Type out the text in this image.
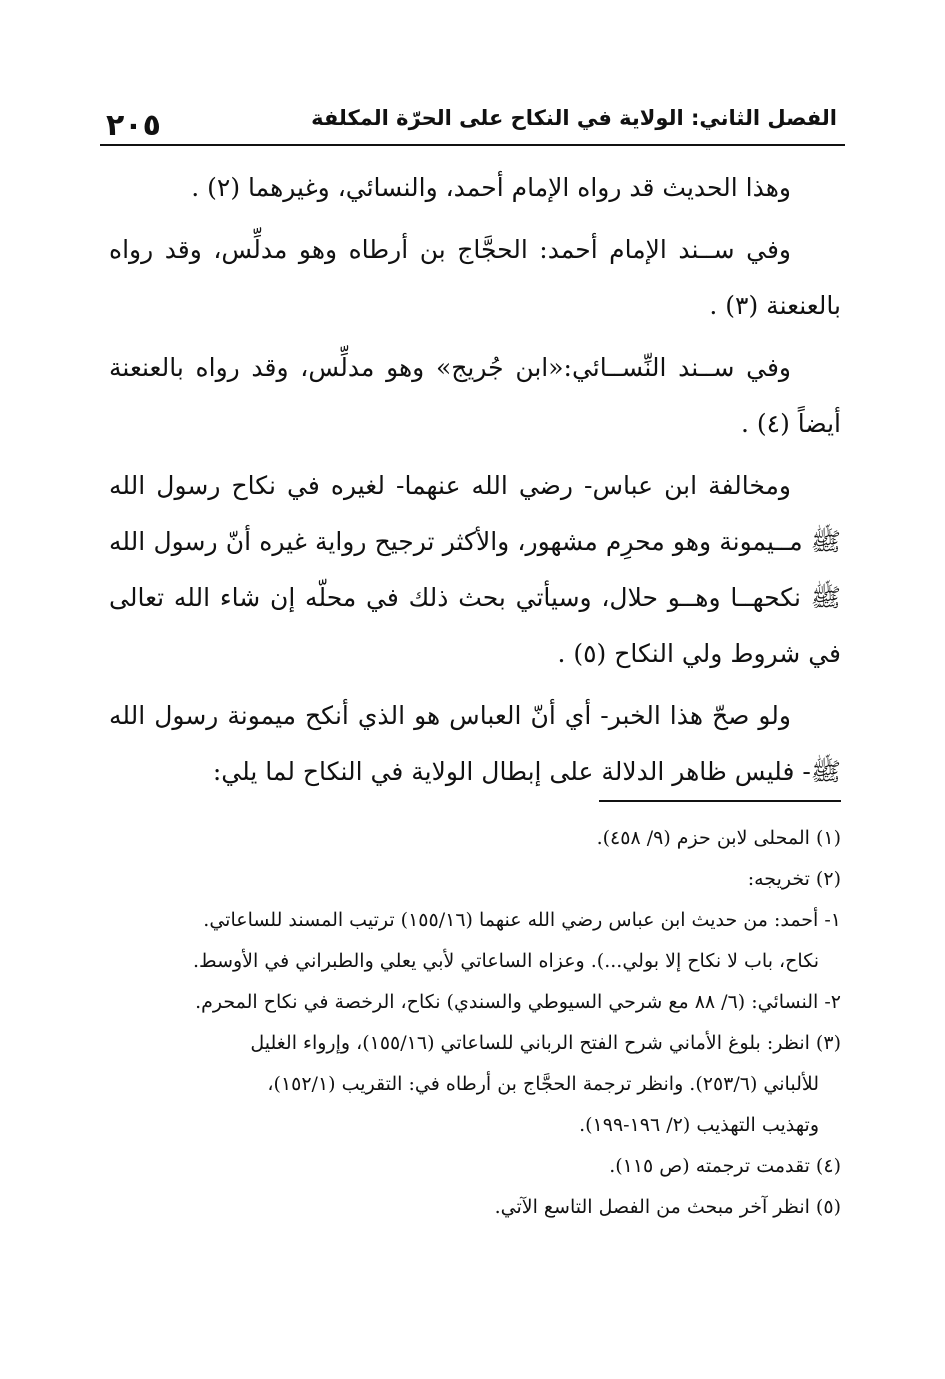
الفصل الثاني: الولاية في النكاح على الحرّة المكلفة
٢٠٥

وهذا الحديث قد رواه الإمام أحمد، والنسائي، وغيرهما (٢) .

وفي ســند الإمام أحمد: الحجَّاج بن أرطاه وهو مدلِّس، وقد رواه بالعنعنة (٣) .

وفي ســند النِّســائي:«ابن جُريج» وهو مدلِّس، وقد رواه بالعنعنة أيضاً (٤) .

ومخالفة ابن عباس- رضي الله عنهما- لغيره في نكاح رسول الله ﷺ مــيمونة وهو محرِم مشهور، والأكثر ترجيح رواية غيره أنّ رسول الله ﷺ نكحهــا وهــو حلال، وسيأتي بحث ذلك في محلّه إن شاء الله تعالى في شروط ولي النكاح (٥) .

ولو صحّ هذا الخبر- أي أنّ العباس هو الذي أنكح ميمونة رسول الله ﷺ- فليس ظاهر الدلالة على إبطال الولاية في النكاح لما يلي:

(١) المحلى لابن حزم (٩/ ٤٥٨).

(٢) تخريجه:

١- أحمد: من حديث ابن عباس رضي الله عنهما (١٥٥/١٦) ترتيب المسند للساعاتي.

نكاح، باب لا نكاح إلا بولي...). وعزاه الساعاتي لأبي يعلي والطبراني في الأوسط.

٢- النسائي: (٦/ ٨٨ مع شرحي السيوطي والسندي) نكاح، الرخصة في نكاح المحرم.

(٣) انظر: بلوغ الأماني شرح الفتح الرباني للساعاتي (١٥٥/١٦)، وإرواء الغليل

للألباني (٢٥٣/٦). وانظر ترجمة الحجَّاج بن أرطاه في: التقريب (١٥٢/١)،

وتهذيب التهذيب (٢/ ١٩٦-١٩٩).

(٤) تقدمت ترجمته (ص ١١٥).

(٥) انظر آخر مبحث من الفصل التاسع الآتي.
